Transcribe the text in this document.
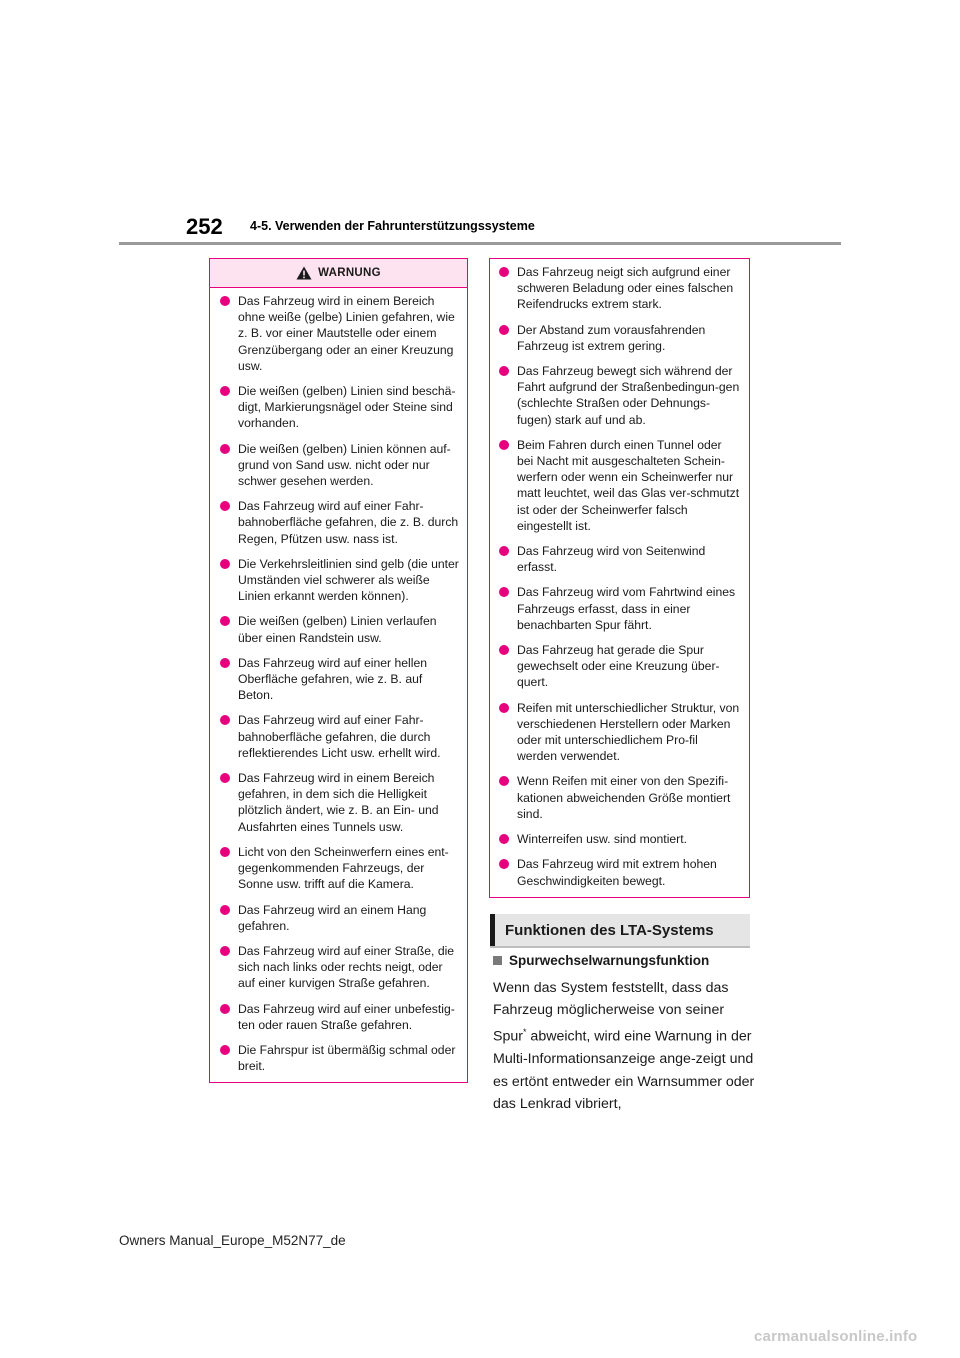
252 4-5. Verwenden der Fahrunterstützungssysteme
WARNUNG
Das Fahrzeug wird in einem Bereich ohne weiße (gelbe) Linien gefahren, wie z. B. vor einer Mautstelle oder einem Grenzübergang oder an einer Kreuzung usw.
Die weißen (gelben) Linien sind beschä-digt, Markierungsnägel oder Steine sind vorhanden.
Die weißen (gelben) Linien können auf-grund von Sand usw. nicht oder nur schwer gesehen werden.
Das Fahrzeug wird auf einer Fahr-bahnoberfläche gefahren, die z. B. durch Regen, Pfützen usw. nass ist.
Die Verkehrsleitlinien sind gelb (die unter Umständen viel schwerer als weiße Linien erkannt werden können).
Die weißen (gelben) Linien verlaufen über einen Randstein usw.
Das Fahrzeug wird auf einer hellen Oberfläche gefahren, wie z. B. auf Beton.
Das Fahrzeug wird auf einer Fahr-bahnoberfläche gefahren, die durch reflektierendes Licht usw. erhellt wird.
Das Fahrzeug wird in einem Bereich gefahren, in dem sich die Helligkeit plötzlich ändert, wie z. B. an Ein- und Ausfahrten eines Tunnels usw.
Licht von den Scheinwerfern eines ent-gegenkommenden Fahrzeugs, der Sonne usw. trifft auf die Kamera.
Das Fahrzeug wird an einem Hang gefahren.
Das Fahrzeug wird auf einer Straße, die sich nach links oder rechts neigt, oder auf einer kurvigen Straße gefahren.
Das Fahrzeug wird auf einer unbefestig-ten oder rauen Straße gefahren.
Die Fahrspur ist übermäßig schmal oder breit.
Das Fahrzeug neigt sich aufgrund einer schweren Beladung oder eines falschen Reifendrucks extrem stark.
Der Abstand zum vorausfahrenden Fahrzeug ist extrem gering.
Das Fahrzeug bewegt sich während der Fahrt aufgrund der Straßenbedingun-gen (schlechte Straßen oder Dehnungs-fugen) stark auf und ab.
Beim Fahren durch einen Tunnel oder bei Nacht mit ausgeschalteten Schein-werfern oder wenn ein Scheinwerfer nur matt leuchtet, weil das Glas ver-schmutzt ist oder der Scheinwerfer falsch eingestellt ist.
Das Fahrzeug wird von Seitenwind erfasst.
Das Fahrzeug wird vom Fahrtwind eines Fahrzeugs erfasst, dass in einer benachbarten Spur fährt.
Das Fahrzeug hat gerade die Spur gewechselt oder eine Kreuzung über-quert.
Reifen mit unterschiedlicher Struktur, von verschiedenen Herstellern oder Marken oder mit unterschiedlichem Pro-fil werden verwendet.
Wenn Reifen mit einer von den Spezifi-kationen abweichenden Größe montiert sind.
Winterreifen usw. sind montiert.
Das Fahrzeug wird mit extrem hohen Geschwindigkeiten bewegt.
Funktionen des LTA-Systems
Spurwechselwarnungsfunktion
Wenn das System feststellt, dass das Fahrzeug möglicherweise von seiner Spur* abweicht, wird eine Warnung in der Multi-Informationsanzeige ange-zeigt und es ertönt entweder ein Warnsummer oder das Lenkrad vibriert,
Owners Manual_Europe_M52N77_de
carmanualsonline.info
